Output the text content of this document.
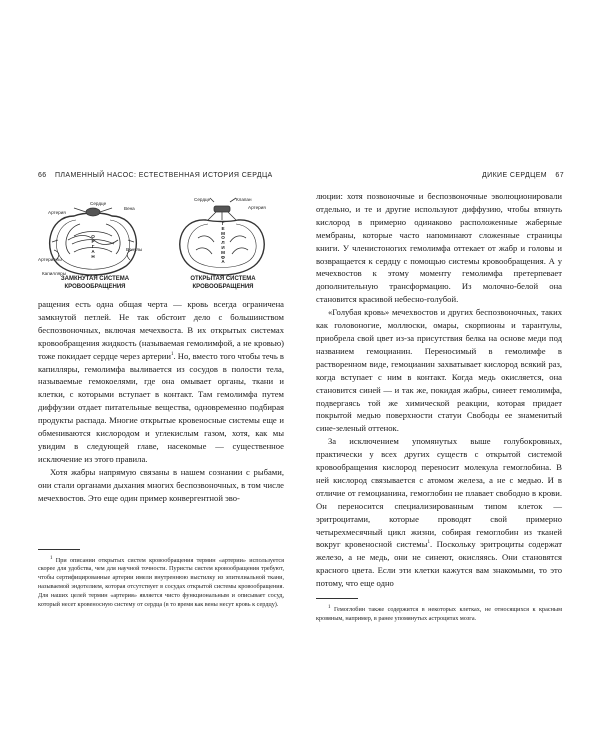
66 ПЛАМЕННЫЙ НАСОС: ЕСТЕСТВЕННАЯ ИСТОРИЯ СЕРДЦА	ДИКИЕ СЕРДЦЕМ 67
Сердце
Вена
Артерия
Венулы
Артериолы
Капилляры
О
Р
Г
А
Н
ЗАМКНУТАЯ СИСТЕМА
КРОВООБРАЩЕНИЯ
Сердце	Клапан
Артерия
Г
Е
М
О
Л
И
М
Ф
А
ОТКРЫТАЯ СИСТЕМА
КРОВООБРАЩЕНИЯ

ращения есть одна общая черта — кровь всегда ограничена замкнутой петлей. Не так обстоит дело с большинством беспозвоночных, включая мечехвоста. В их открытых системах кровообращения жидкость (называемая гемолимфой, а не кровью) тоже покидает сердце через артерии$^1$. Но, вместо того чтобы течь в капилляры, гемолимфа выливается из сосудов в полости тела, называемые гемокоелями, где она омывает органы, ткани и клетки, с которыми вступает в контакт. Там гемолимфа путем диффузии отдает питательные вещества, одновременно подбирая продукты распада. Многие открытые кровеносные системы еще и обмениваются кислородом и углекислым газом, хотя, как мы увидим в следующей главе, насекомые — существенное исключение из этого правила.

Хотя жабры напрямую связаны в нашем сознании с рыбами, они стали органами дыхания многих беспозвоночных, в том числе мечехвостов. Это еще один пример конвергентной эво-

$^1$ При описании открытых систем кровообращения термин «артерии» используется скорее для удобства, чем для научной точности. Пуристы систем кровообращения требуют, чтобы сертифицированные артерии имели внутреннюю выстилку из эпителиальной ткани, называемой эндотелием, которая отсутствует в сосудах открытой системы кровообращения. Для наших целей термин «артерия» является чисто функциональным и описывает сосуд, который несет кровеносную систему от сердца (в то время как вены несут кровь к сердцу).

люции: хотя позвоночные и беспозвоночные эволюционировали отдельно, и те и другие используют диффузию, чтобы втянуть кислород в примерно одинаково расположенные жаберные мембраны, которые часто напоминают сложенные страницы книги. У членистоногих гемолимфа оттекает от жабр и головы и возвращается к сердцу с помощью системы кровообращения. А у мечехвостов к этому моменту гемолимфа претерпевает дополнительную трансформацию. Из молочно-белой она становится красивой небесно-голубой.

«Голубая кровь» мечехвостов и других беспозвоночных, таких как головоногие, моллюски, омары, скорпионы и тарантулы, приобрела свой цвет из-за присутствия белка на основе меди под названием гемоцианин. Переносимый в гемолимфе в растворенном виде, гемоцианин захватывает кислород всякий раз, когда вступает с ним в контакт. Когда медь окисляется, она становится синей — и так же, покидая жабры, синеет гемолимфа, подвергаясь той же химической реакции, которая придает покрытой медью поверхности статуи Свободы ее знаменитый сине-зеленый оттенок.

За исключением упомянутых выше голубокровных, практически у всех других существ с открытой системой кровообращения кислород переносит молекула гемоглобина. В ней кислород связывается с атомом железа, а не с медью. И в отличие от гемоцианина, гемоглобин не плавает свободно в крови. Он переносится специализированным типом клеток — эритроцитами, которые проводят свой примерно четырехмесячный цикл жизни, собирая гемоглобин из тканей вокруг кровеносной системы$^1$. Поскольку эритроциты содержат железо, а не медь, они не синеют, окисляясь. Они становятся красного цвета. Если эти клетки кажутся вам знакомыми, то это потому, что еще одно

$^1$ Гемоглобин также содержится в некоторых клетках, не относящихся к красным кровяным, например, в ранее упомянутых астроцитах мозга.
